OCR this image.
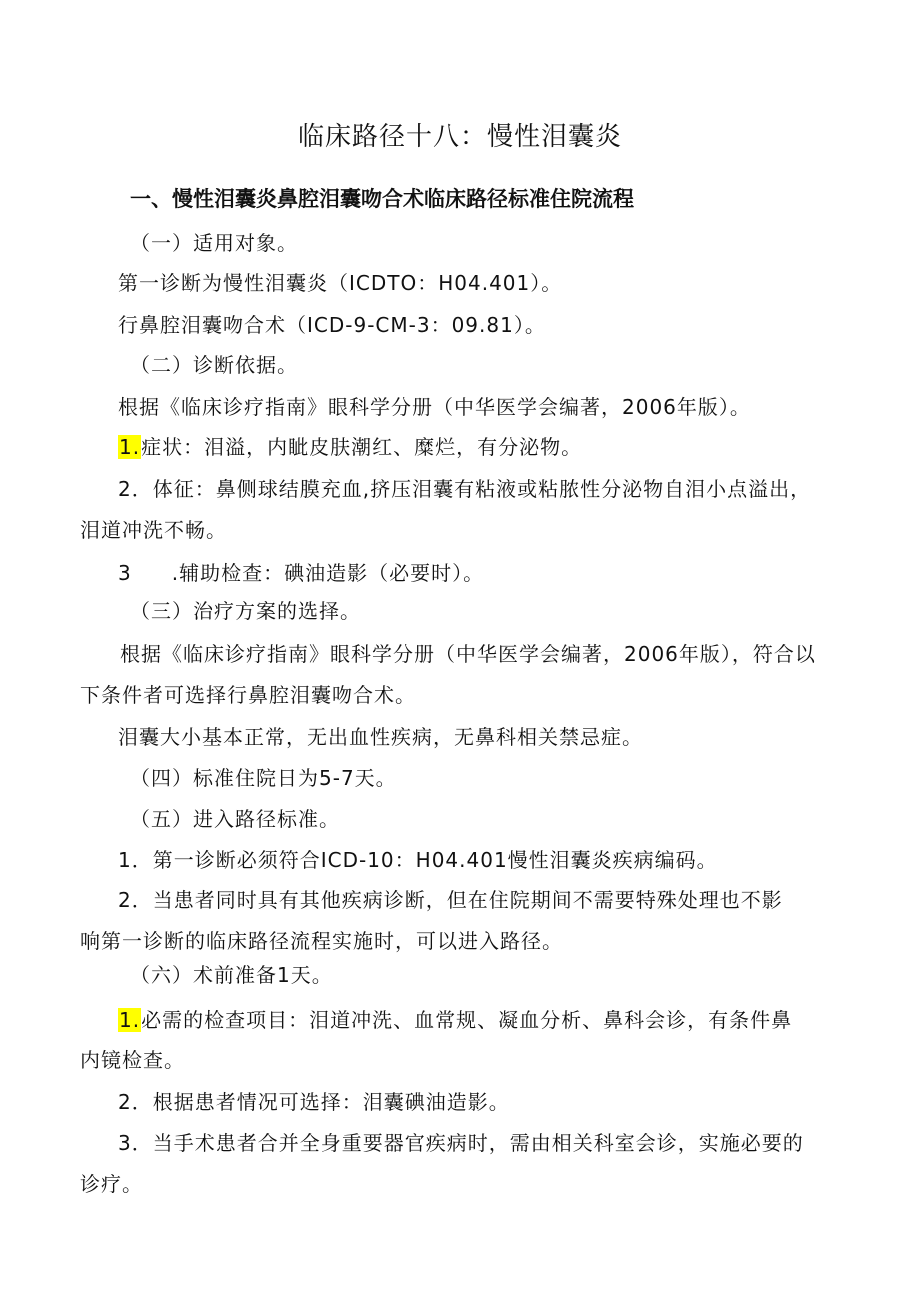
临床路径十八：慢性泪囊炎
一、慢性泪囊炎鼻腔泪囊吻合术临床路径标准住院流程
（一）适用对象。
第一诊断为慢性泪囊炎（ICDTO：H04.401）。
行鼻腔泪囊吻合术（ICD-9-CM-3：09.81）。
（二）诊断依据。
根据《临床诊疗指南》眼科学分册（中华医学会编著，2006年版）。
1.症状：泪溢，内眦皮肤潮红、糜烂，有分泌物。
2．体征：鼻侧球结膜充血,挤压泪囊有粘液或粘脓性分泌物自泪小点溢出，
泪道冲洗不畅。
3 .辅助检查：碘油造影（必要时）。
（三）治疗方案的选择。
根据《临床诊疗指南》眼科学分册（中华医学会编著，2006年版），符合以
下条件者可选择行鼻腔泪囊吻合术。
泪囊大小基本正常，无出血性疾病，无鼻科相关禁忌症。
（四）标准住院日为5-7天。
（五）进入路径标准。
1．第一诊断必须符合ICD-10：H04.401慢性泪囊炎疾病编码。
2．当患者同时具有其他疾病诊断，但在住院期间不需要特殊处理也不影
响第一诊断的临床路径流程实施时，可以进入路径。
（六）术前准备1天。
1.必需的检查项目：泪道冲洗、血常规、凝血分析、鼻科会诊，有条件鼻
内镜检查。
2．根据患者情况可选择：泪囊碘油造影。
3．当手术患者合并全身重要器官疾病时，需由相关科室会诊，实施必要的
诊疗。
